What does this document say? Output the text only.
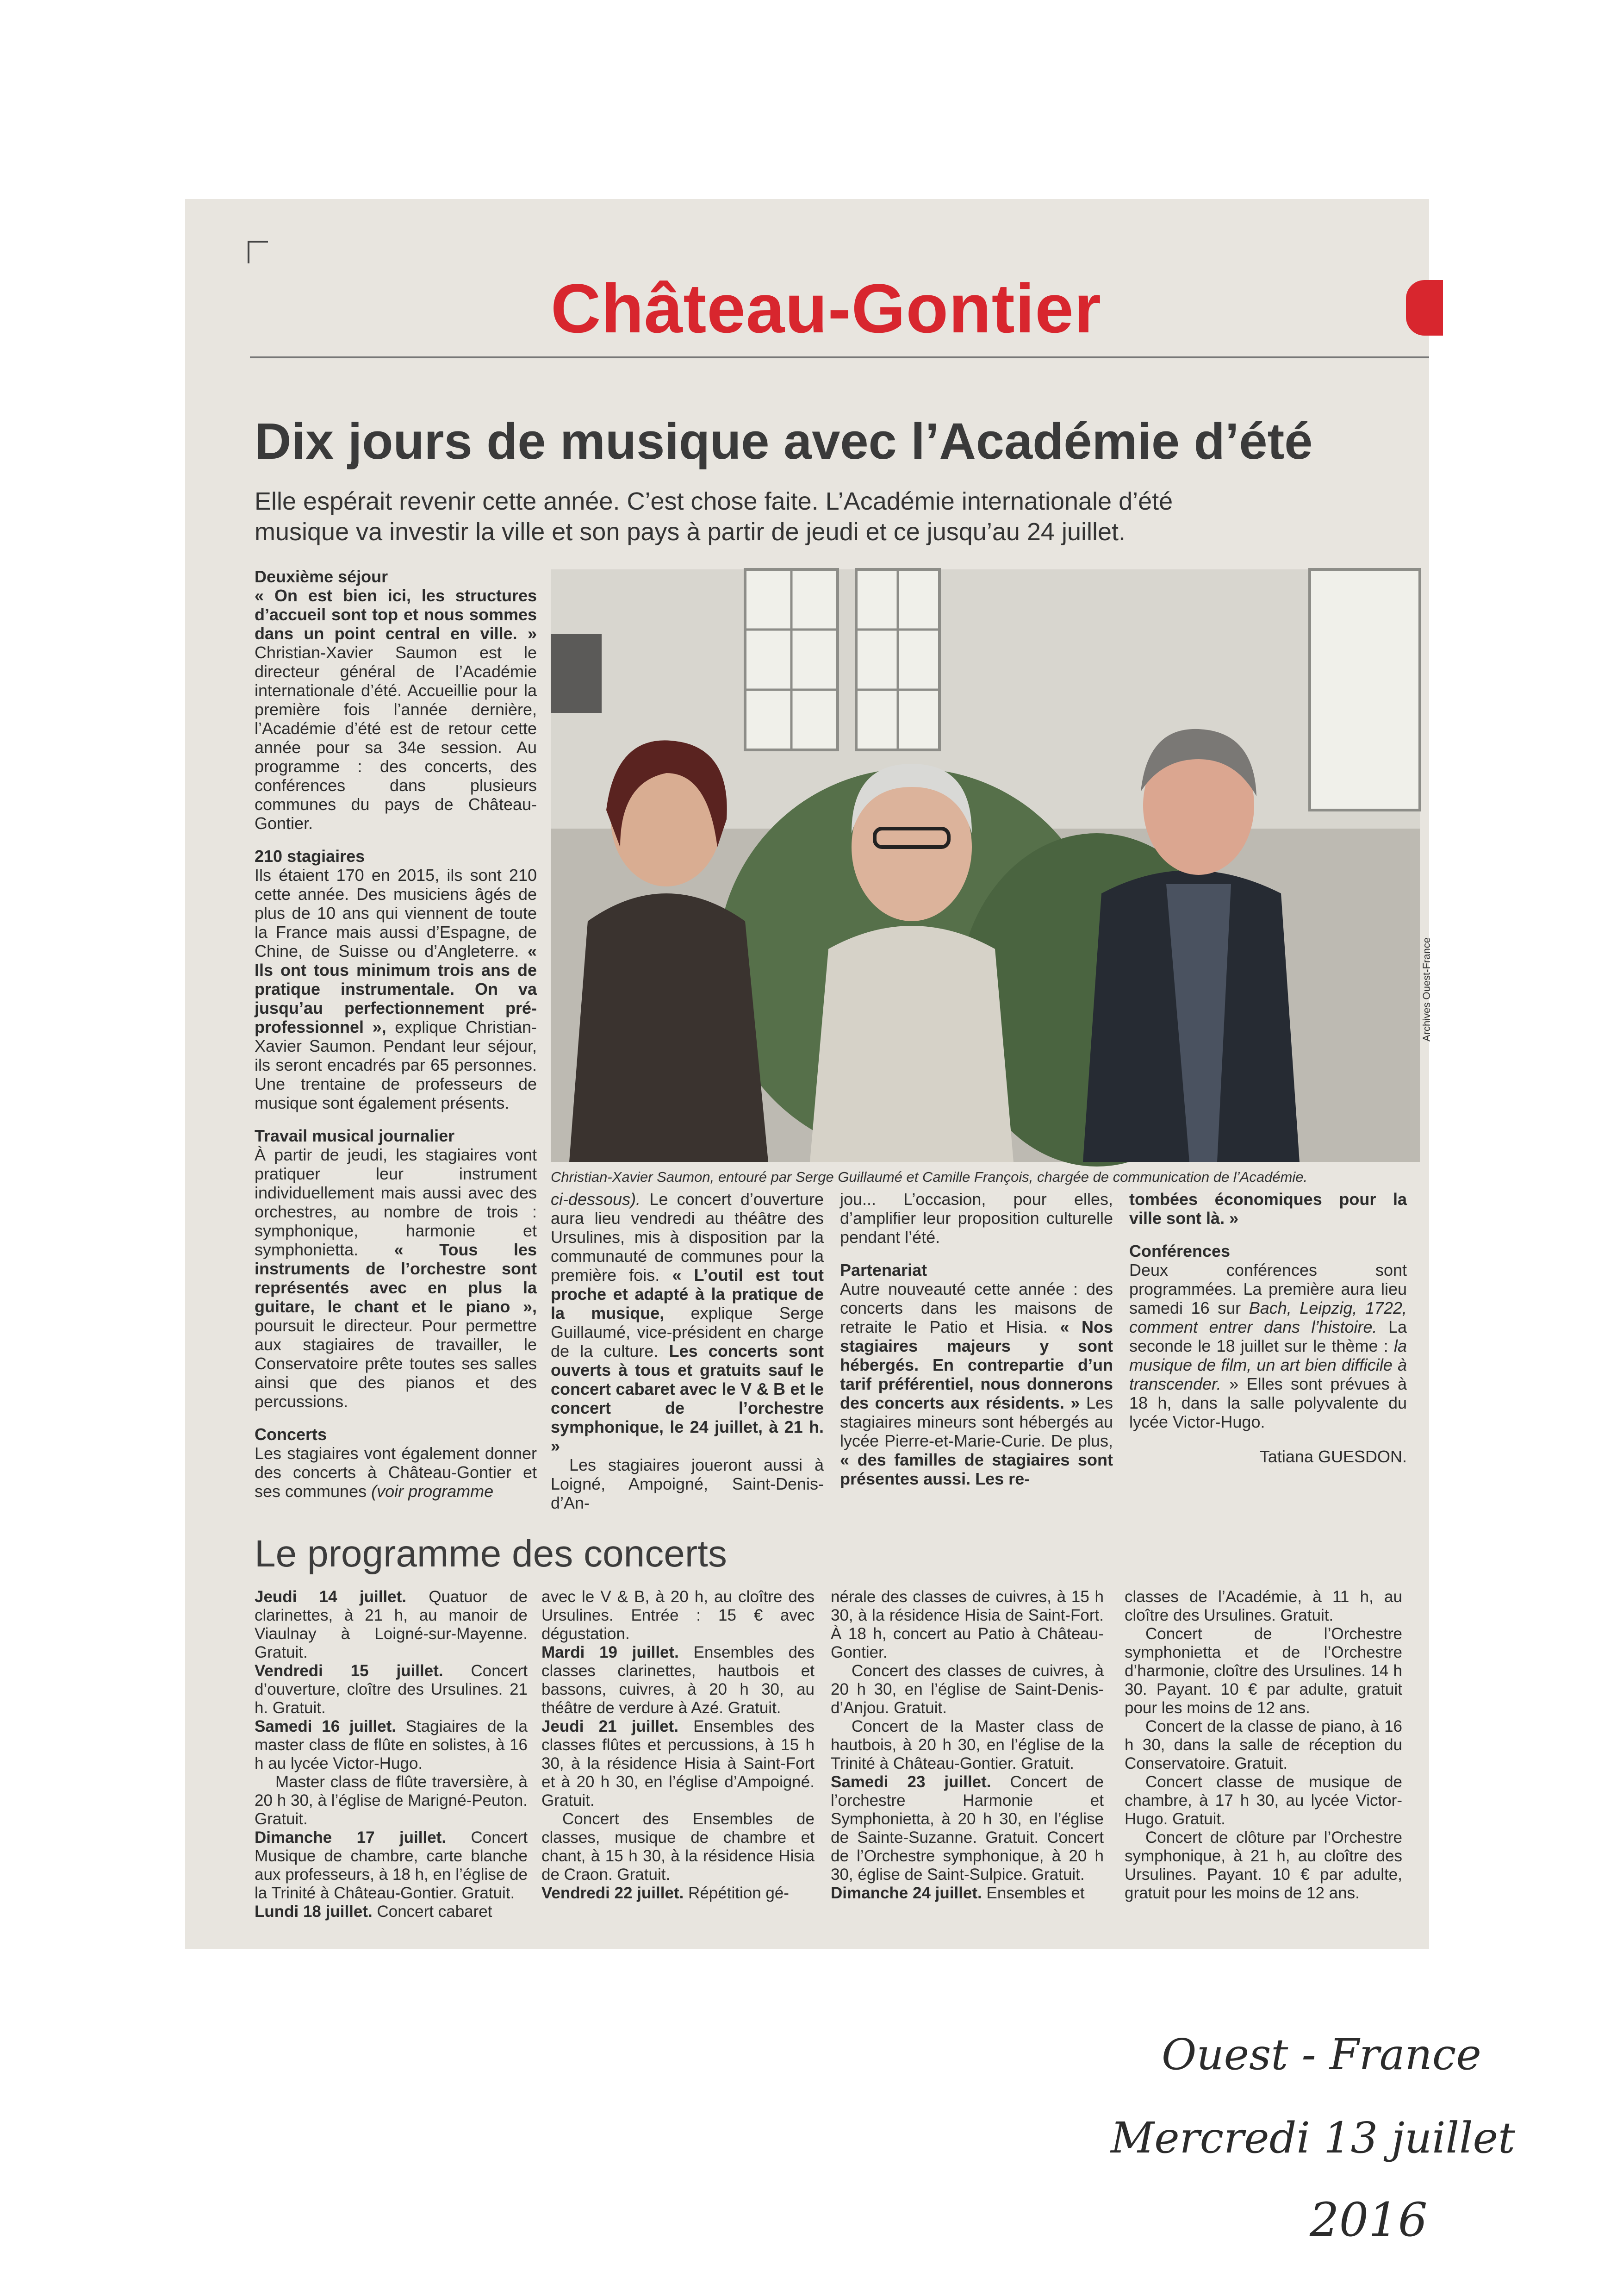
Château-Gontier
Dix jours de musique avec l’Académie d’été
Elle espérait revenir cette année. C’est chose faite. L’Académie internationale d’été musique va investir la ville et son pays à partir de jeudi et ce jusqu’au 24 juillet.

Deuxième séjour

« On est bien ici, les structures d’accueil sont top et nous sommes dans un point central en ville. » Christian-Xavier Saumon est le directeur général de l’Académie internationale d’été. Accueillie pour la première fois l’année dernière, l’Académie d’été est de retour cette année pour sa 34e session. Au programme : des concerts, des conférences dans plusieurs communes du pays de Château-Gontier.

210 stagiaires

Ils étaient 170 en 2015, ils sont 210 cette année. Des musiciens âgés de plus de 10 ans qui viennent de toute la France mais aussi d’Espagne, de Chine, de Suisse ou d’Angleterre. « Ils ont tous minimum trois ans de pratique instrumentale. On va jusqu’au perfectionnement pré-professionnel », explique Christian-Xavier Saumon. Pendant leur séjour, ils seront encadrés par 65 personnes. Une trentaine de professeurs de musique sont également présents.

Travail musical journalier

À partir de jeudi, les stagiaires vont pratiquer leur instrument individuellement mais aussi avec des orchestres, au nombre de trois : symphonique, harmonie et symphonietta. « Tous les instruments de l’orchestre sont représentés avec en plus la guitare, le chant et le piano », poursuit le directeur. Pour permettre aux stagiaires de travailler, le Conservatoire prête toutes ses salles ainsi que des pianos et des percussions.

Concerts

Les stagiaires vont également donner des concerts à Château-Gontier et ses communes (voir programme

Archives Ouest-France
Christian-Xavier Saumon, entouré par Serge Guillaumé et Camille François, chargée de communication de l’Académie.

ci-dessous). Le concert d’ouverture aura lieu vendredi au théâtre des Ursulines, mis à disposition par la communauté de communes pour la première fois. « L’outil est tout proche et adapté à la pratique de la musique, explique Serge Guillaumé, vice-président en charge de la culture. Les concerts sont ouverts à tous et gratuits sauf le concert cabaret avec le V & B et le concert de l’orchestre symphonique, le 24 juillet, à 21 h. »

Les stagiaires joueront aussi à Loigné, Ampoigné, Saint-Denis-d’An-

jou... L’occasion, pour elles, d’amplifier leur proposition culturelle pendant l’été.

Partenariat

Autre nouveauté cette année : des concerts dans les maisons de retraite le Patio et Hisia. « Nos stagiaires majeurs y sont hébergés. En contrepartie d’un tarif préférentiel, nous donnerons des concerts aux résidents. » Les stagiaires mineurs sont hébergés au lycée Pierre-et-Marie-Curie. De plus, « des familles de stagiaires sont présentes aussi. Les re-

tombées économiques pour la ville sont là. »

Conférences

Deux conférences sont programmées. La première aura lieu samedi 16 sur Bach, Leipzig, 1722, comment entrer dans l’histoire. La seconde le 18 juillet sur le thème : la musique de film, un art bien difficile à transcender. » Elles sont prévues à 18 h, dans la salle polyvalente du lycée Victor-Hugo.

Tatiana GUESDON.

Le programme des concerts

Jeudi 14 juillet. Quatuor de clarinettes, à 21 h, au manoir de Viaulnay à Loigné-sur-Mayenne. Gratuit.

Vendredi 15 juillet. Concert d’ouverture, cloître des Ursulines. 21 h. Gratuit.

Samedi 16 juillet. Stagiaires de la master class de flûte en solistes, à 16 h au lycée Victor-Hugo.

Master class de flûte traversière, à 20 h 30, à l’église de Marigné-Peuton. Gratuit.

Dimanche 17 juillet. Concert Musique de chambre, carte blanche aux professeurs, à 18 h, en l’église de la Trinité à Château-Gontier. Gratuit.

Lundi 18 juillet. Concert cabaret

avec le V & B, à 20 h, au cloître des Ursulines. Entrée : 15 € avec dégustation.

Mardi 19 juillet. Ensembles des classes clarinettes, hautbois et bassons, cuivres, à 20 h 30, au théâtre de verdure à Azé. Gratuit.

Jeudi 21 juillet. Ensembles des classes flûtes et percussions, à 15 h 30, à la résidence Hisia à Saint-Fort et à 20 h 30, en l’église d’Ampoigné. Gratuit.

Concert des Ensembles de classes, musique de chambre et chant, à 15 h 30, à la résidence Hisia de Craon. Gratuit.

Vendredi 22 juillet. Répétition gé-

nérale des classes de cuivres, à 15 h 30, à la résidence Hisia de Saint-Fort. À 18 h, concert au Patio à Château-Gontier.

Concert des classes de cuivres, à 20 h 30, en l’église de Saint-Denis-d’Anjou. Gratuit.

Concert de la Master class de hautbois, à 20 h 30, en l’église de la Trinité à Château-Gontier. Gratuit.

Samedi 23 juillet. Concert de l’orchestre Harmonie et Symphonietta, à 20 h 30, en l’église de Sainte-Suzanne. Gratuit. Concert de l’Orchestre symphonique, à 20 h 30, église de Saint-Sulpice. Gratuit.

Dimanche 24 juillet. Ensembles et

classes de l’Académie, à 11 h, au cloître des Ursulines. Gratuit.

Concert de l’Orchestre symphonietta et de l’Orchestre d’harmonie, cloître des Ursulines. 14 h 30. Payant. 10 € par adulte, gratuit pour les moins de 12 ans.

Concert de la classe de piano, à 16 h 30, dans la salle de réception du Conservatoire. Gratuit.

Concert classe de musique de chambre, à 17 h 30, au lycée Victor-Hugo. Gratuit.

Concert de clôture par l’Orchestre symphonique, à 21 h, au cloître des Ursulines. Payant. 10 € par adulte, gratuit pour les moins de 12 ans.

Ouest - France
Mercredi 13 juillet
2016
